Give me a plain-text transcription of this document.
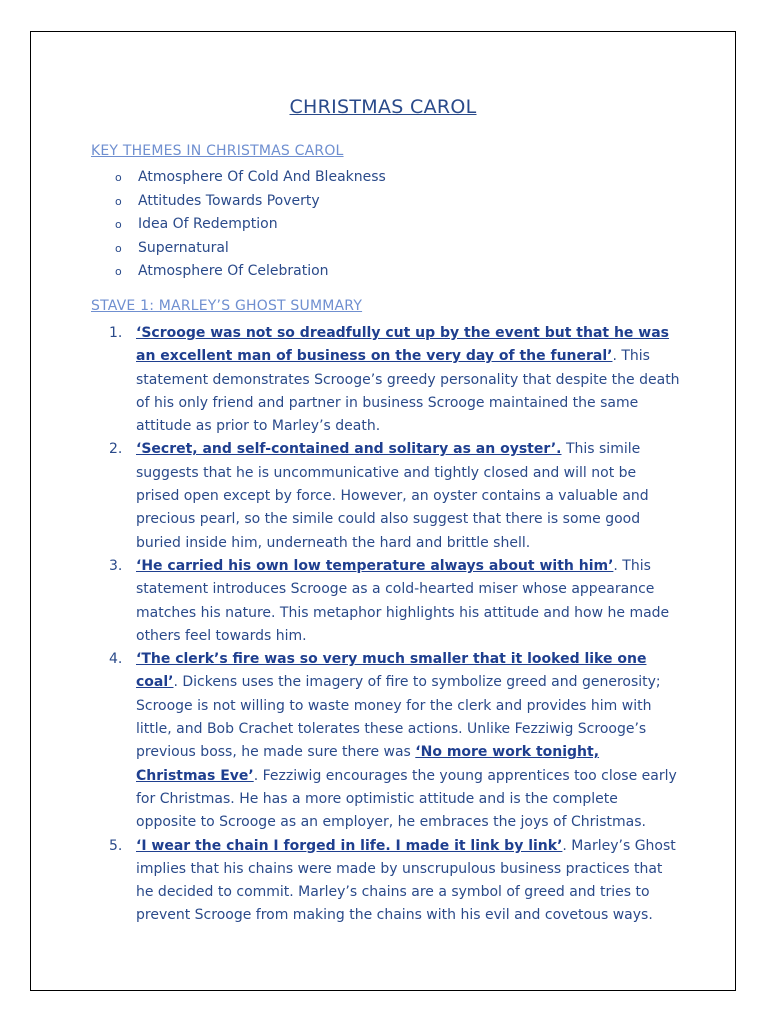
CHRISTMAS CAROL
KEY THEMES IN CHRISTMAS CAROL
o Atmosphere Of Cold And Bleakness
o Attitudes Towards Poverty
o Idea Of Redemption
o Supernatural
o Atmosphere Of Celebration
STAVE 1: MARLEY’S GHOST SUMMARY
1. ‘Scrooge was not so dreadfully cut up by the event but that he was an excellent man of business on the very day of the funeral’. This statement demonstrates Scrooge’s greedy personality that despite the death of his only friend and partner in business Scrooge maintained the same attitude as prior to Marley’s death.
2. ‘Secret, and self-contained and solitary as an oyster’. This simile suggests that he is uncommunicative and tightly closed and will not be prised open except by force. However, an oyster contains a valuable and precious pearl, so the simile could also suggest that there is some good buried inside him, underneath the hard and brittle shell.
3. ‘He carried his own low temperature always about with him’. This statement introduces Scrooge as a cold-hearted miser whose appearance matches his nature. This metaphor highlights his attitude and how he made others feel towards him.
4. ‘The clerk’s fire was so very much smaller that it looked like one coal’. Dickens uses the imagery of fire to symbolize greed and generosity; Scrooge is not willing to waste money for the clerk and provides him with little, and Bob Crachet tolerates these actions. Unlike Fezziwig Scrooge’s previous boss, he made sure there was ‘No more work tonight, Christmas Eve’. Fezziwig encourages the young apprentices too close early for Christmas. He has a more optimistic attitude and is the complete opposite to Scrooge as an employer, he embraces the joys of Christmas.
5. ‘I wear the chain I forged in life. I made it link by link’. Marley’s Ghost implies that his chains were made by unscrupulous business practices that he decided to commit. Marley’s chains are a symbol of greed and tries to prevent Scrooge from making the chains with his evil and covetous ways.
